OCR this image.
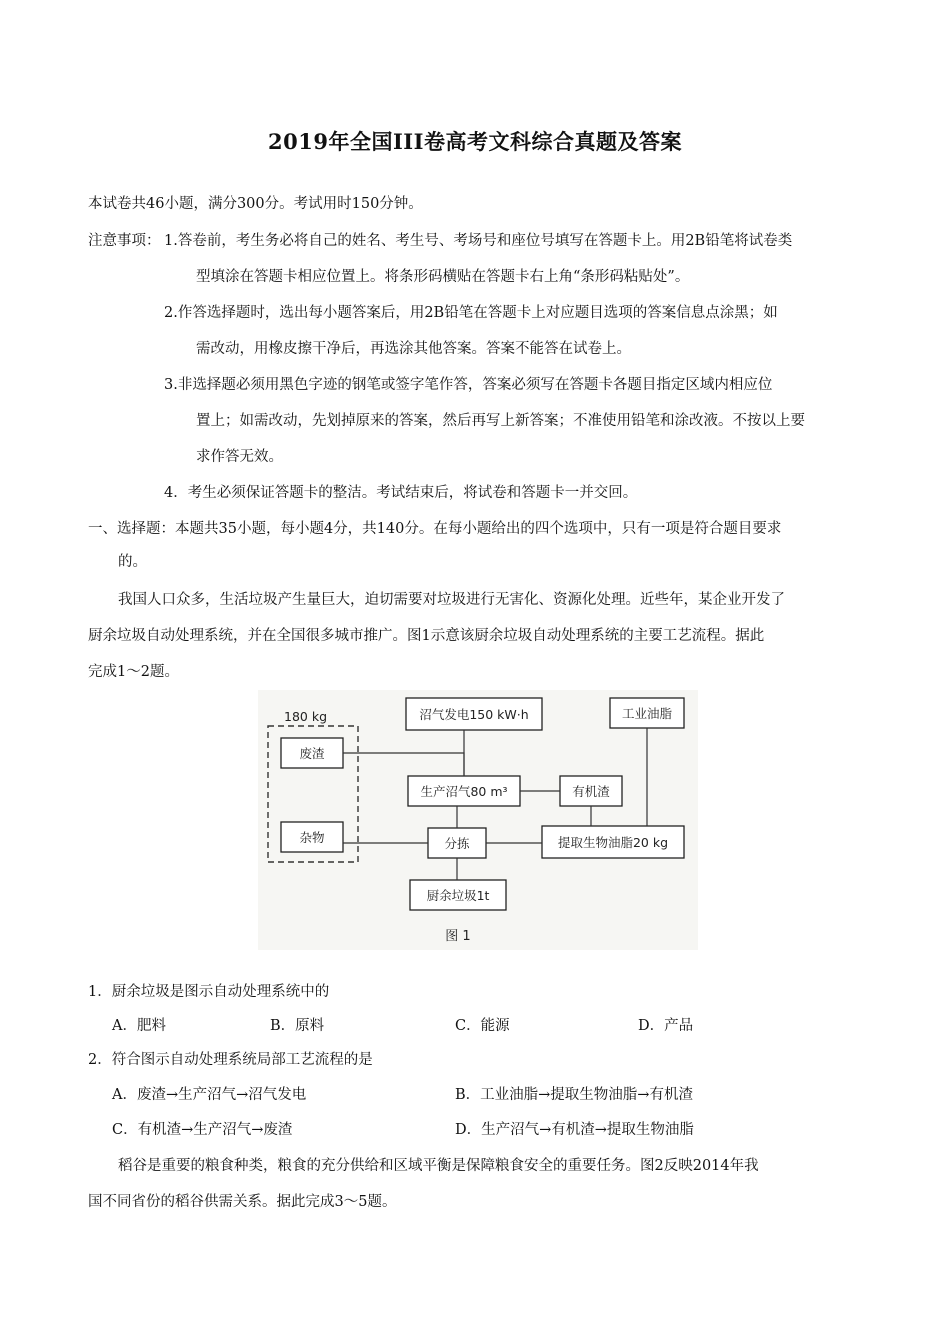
2019年全国III卷高考文科综合真题及答案
本试卷共46小题，满分300分。考试用时150分钟。
注意事项： 1.答卷前，考生务必将自己的姓名、考生号、考场号和座位号填写在答题卡上。用2B铅笔将试卷类
型填涂在答题卡相应位置上。将条形码横贴在答题卡右上角“条形码粘贴处”。
2.作答选择题时，选出每小题答案后，用2B铅笔在答题卡上对应题目选项的答案信息点涂黑；如
需改动，用橡皮擦干净后，再选涂其他答案。答案不能答在试卷上。
3.非选择题必须用黑色字迹的钢笔或签字笔作答，答案必须写在答题卡各题目指定区域内相应位
置上；如需改动，先划掉原来的答案，然后再写上新答案；不准使用铅笔和涂改液。不按以上要
求作答无效。
4．考生必须保证答题卡的整洁。考试结束后，将试卷和答题卡一并交回。
一、选择题：本题共35小题，每小题4分，共140分。在每小题给出的四个选项中，只有一项是符合题目要求
的。
我国人口众多，生活垃圾产生量巨大，迫切需要对垃圾进行无害化、资源化处理。近些年，某企业开发了
厨余垃圾自动处理系统，并在全国很多城市推广。图1示意该厨余垃圾自动处理系统的主要工艺流程。据此
完成1～2题。
180 kg
废渣
杂物
沼气发电150 kW·h
生产沼气80 m³
分拣
厨余垃圾1t
工业油脂
有机渣
提取生物油脂20 kg
图 1
1．厨余垃圾是图示自动处理系统中的
A．肥料	B．原料	C．能源	D．产品
2．符合图示自动处理系统局部工艺流程的是
A．废渣→生产沼气→沼气发电	B．工业油脂→提取生物油脂→有机渣
C．有机渣→生产沼气→废渣	D．生产沼气→有机渣→提取生物油脂
稻谷是重要的粮食种类，粮食的充分供给和区域平衡是保障粮食安全的重要任务。图2反映2014年我
国不同省份的稻谷供需关系。据此完成3～5题。
